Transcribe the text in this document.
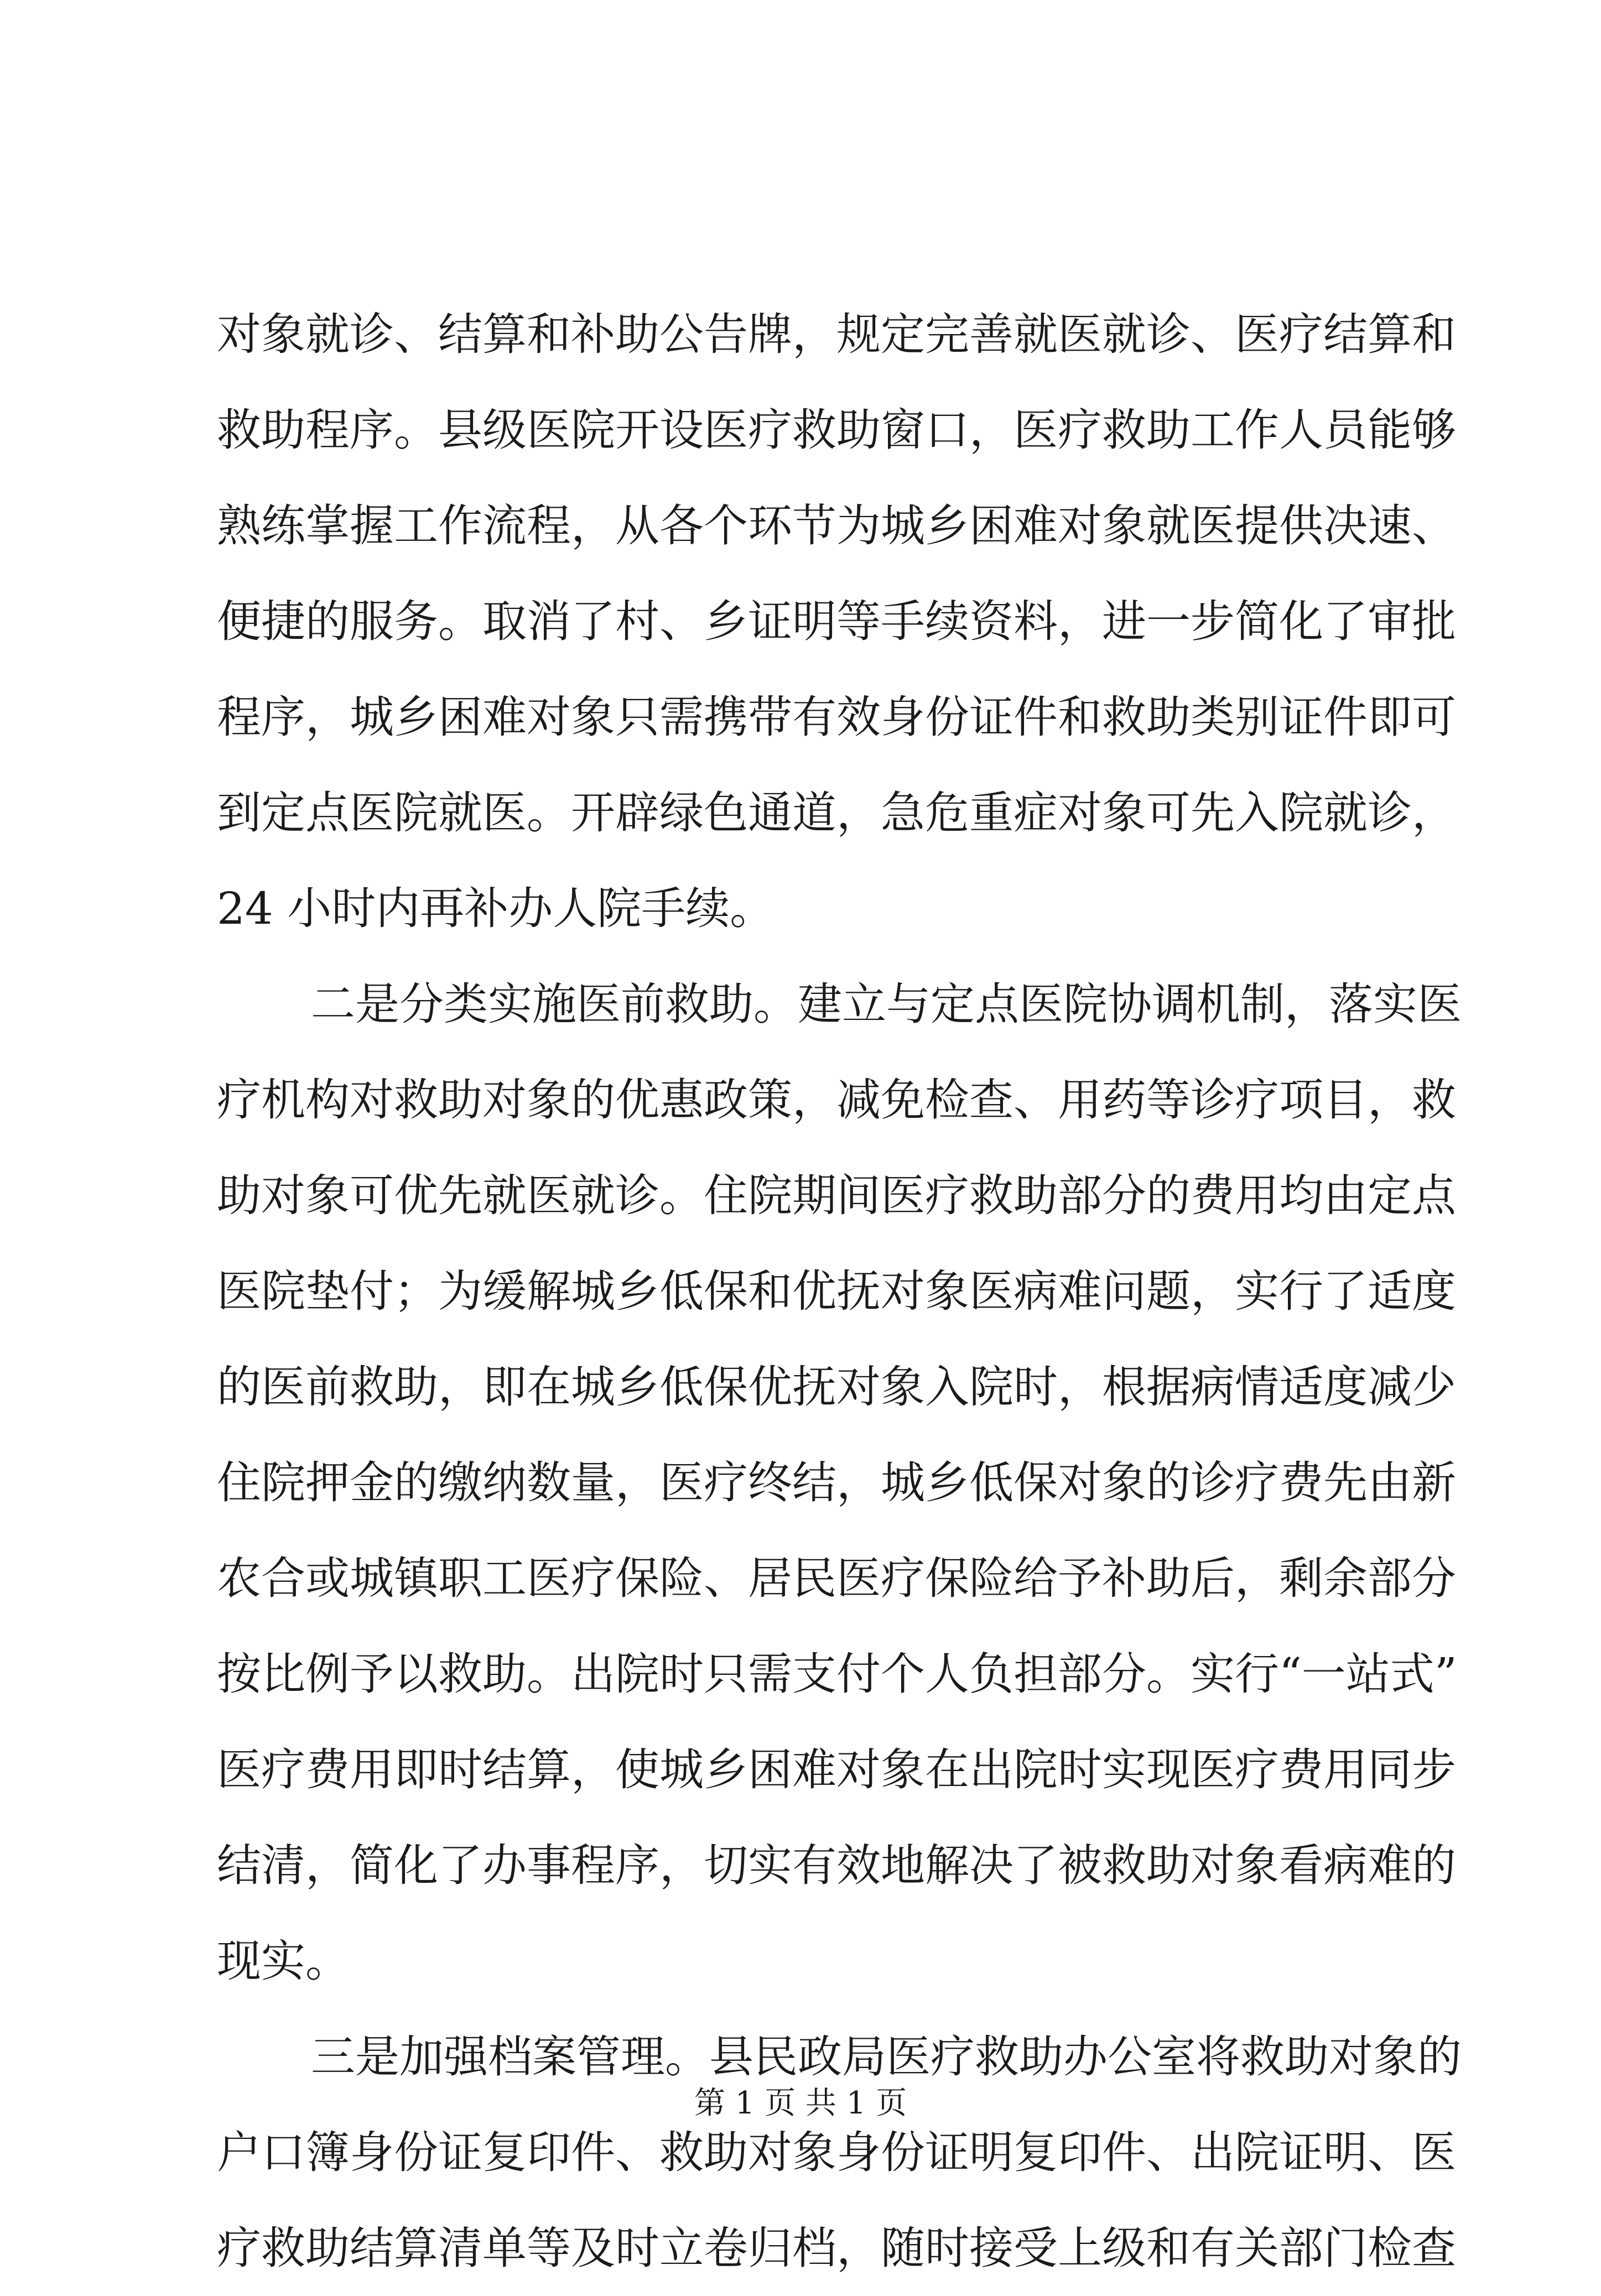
对象就诊、结算和补助公告牌，规定完善就医就诊、医疗结算和
救助程序。县级医院开设医疗救助窗口，医疗救助工作人员能够
熟练掌握工作流程，从各个环节为城乡困难对象就医提供决速、
便捷的服务。取消了村、乡证明等手续资料，进一步简化了审批
程序，城乡困难对象只需携带有效身份证件和救助类别证件即可
到定点医院就医。开辟绿色通道，急危重症对象可先入院就诊，
24 小时内再补办人院手续。
二是分类实施医前救助。建立与定点医院协调机制，落实医
疗机构对救助对象的优惠政策，减免检查、用药等诊疗项目，救
助对象可优先就医就诊。住院期间医疗救助部分的费用均由定点
医院垫付；为缓解城乡低保和优抚对象医病难问题，实行了适度
的医前救助，即在城乡低保优抚对象入院时，根据病情适度减少
住院押金的缴纳数量，医疗终结，城乡低保对象的诊疗费先由新
农合或城镇职工医疗保险、居民医疗保险给予补助后，剩余部分
按比例予以救助。出院时只需支付个人负担部分。实行“一站式”
医疗费用即时结算，使城乡困难对象在出院时实现医疗费用同步
结清，简化了办事程序，切实有效地解决了被救助对象看病难的
现实。
三是加强档案管理。县民政局医疗救助办公室将救助对象的
户口簿身份证复印件、救助对象身份证明复印件、出院证明、医
疗救助结算清单等及时立卷归档，随时接受上级和有关部门检查
第 1 页 共 1 页
